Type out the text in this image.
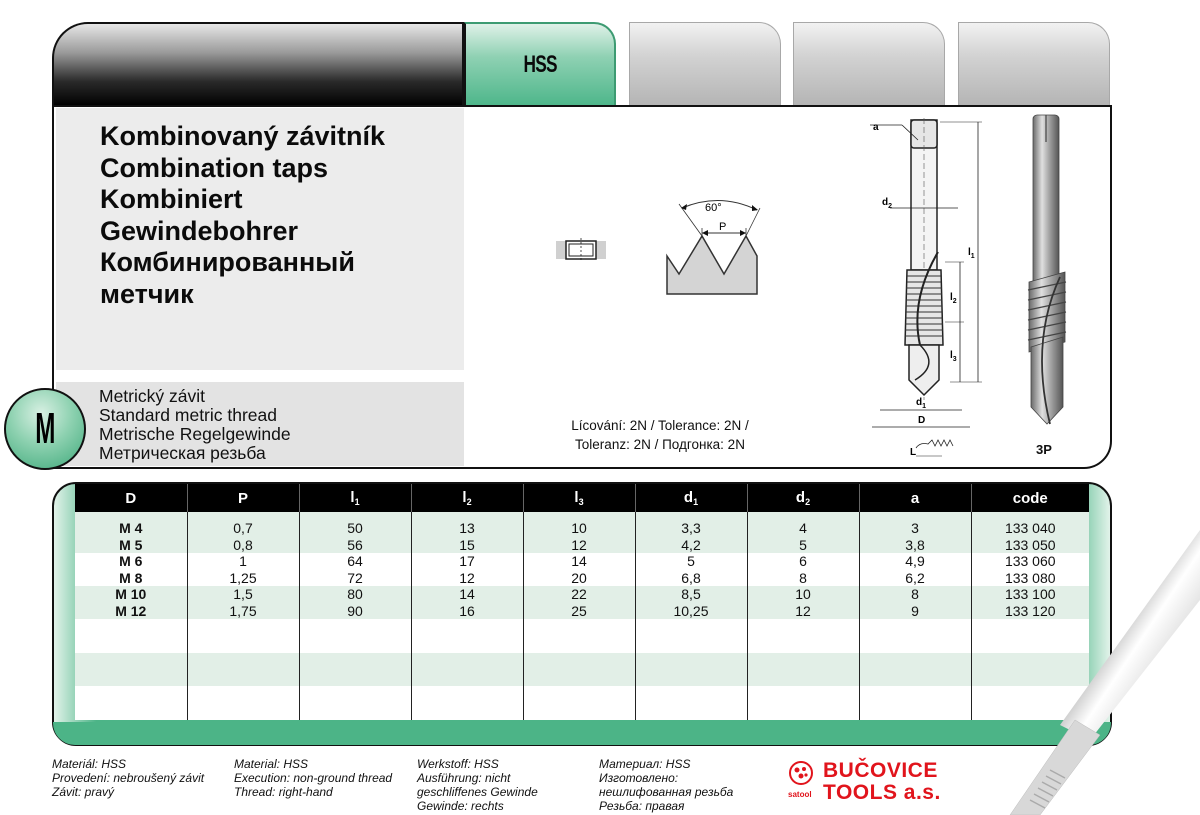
HSS
Kombinovaný závitník
Combination taps
Kombiniert
Gewindebohrer
Комбинированный
метчик
M
Metrický závit
Standard metric thread
Metrische Regelgewinde
Метрическая резьба
60°
P
Lícování: 2N / Tolerance: 2N /
Toleranz: 2N / Подгонка: 2N
a
$d_2$
$l_1$
$l_2$
$l_3$
$d_1$
D
L	3P
D	P	$l_1$	$l_2$	$l_3$	$d_1$	$d_2$	a	code

M 4	0,7	50	13	10	3,3	4	3	133 040
M 5	0,8	56	15	12	4,2	5	3,8	133 050
M 6	1	64	17	14	5	6	4,9	133 060
M 8	1,25	72	12	20	6,8	8	6,2	133 080
M 10	1,5	80	14	22	8,5	10	8	133 100
M 12	1,75	90	16	25	10,25	12	9	133 120

Materiál: HSS
Provedení: nebroušený závit
Závit: pravý
Material: HSS
Execution: non-ground thread
Thread: right-hand
Werkstoff: HSS
Ausführung: nicht
geschliffenes Gewinde
Gewinde: rechts
Материал: HSS
Изготовлено:
нешлифованная резьба
Резьба: правая
satool
BUČOVICE
TOOLS a.s.
